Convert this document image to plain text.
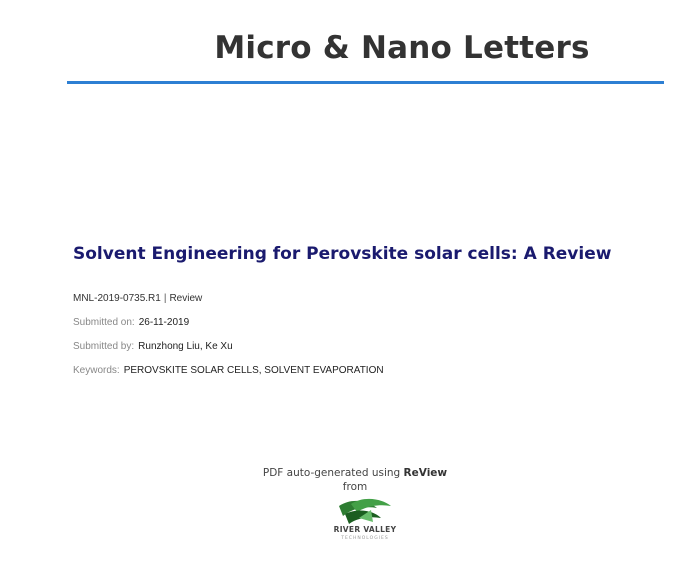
Micro & Nano Letters
Solvent Engineering for Perovskite solar cells: A Review
MNL-2019-0735.R1 | Review
Submitted on: 26-11-2019
Submitted by: Runzhong Liu, Ke Xu
Keywords: PEROVSKITE SOLAR CELLS, SOLVENT EVAPORATION
PDF auto-generated using ReView
from
RIVER VALLEY
TECHNOLOGIES
